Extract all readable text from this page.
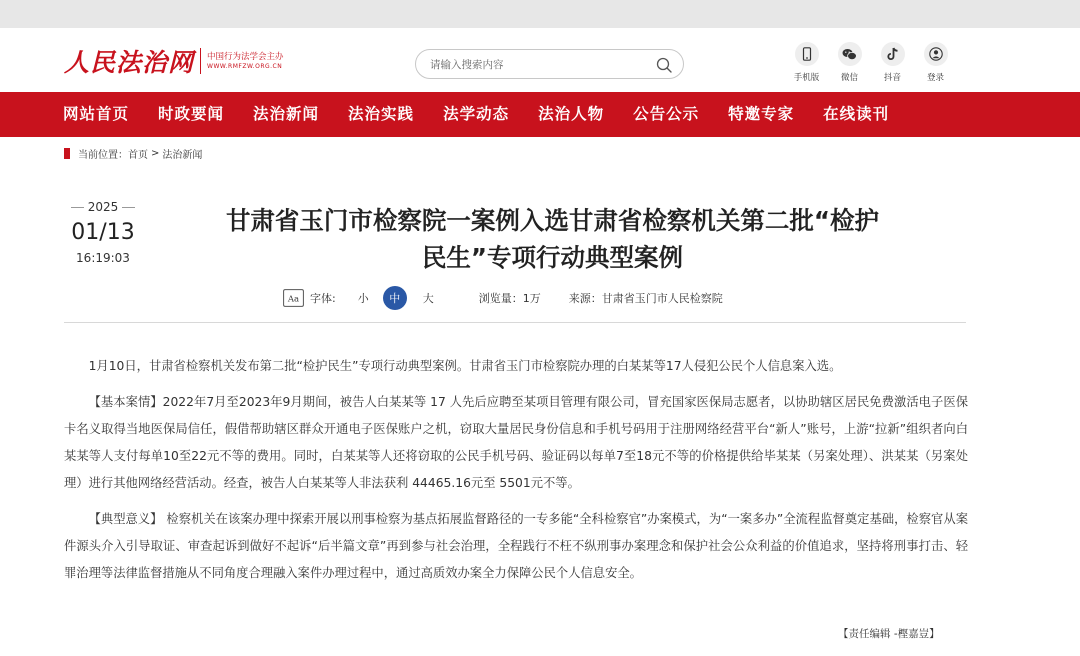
人民法治网 中国行为法学会主办
WWW.RMFZW.ORG.CN
请输入搜索内容
手机版	微信	抖音	登录
网站首页 时政要闻 法治新闻 法治实践 法学动态 法治人物 公告公示 特邀专家 在线读刊
当前位置： 首页 > 法治新闻
2025
01/13
16:19:03
甘肃省玉门市检察院一案例入选甘肃省检察机关第二批“检护
民生”专项行动典型案例
Aa 字体: 小	中	大	浏览量：1万	来源：甘肃省玉门市人民检察院

1月10日，甘肃省检察机关发布第二批“检护民生”专项行动典型案例。甘肃省玉门市检察院办理的白某某等17人侵犯公民个人信息案入选。

【基本案情】2022年7月至2023年9月期间，被告人白某某等 17 人先后应聘至某项目管理有限公司，冒充国家医保局志愿者，以协助辖区居民免费激活电子医保卡名义取得当地医保局信任，假借帮助辖区群众开通电子医保账户之机，窃取大量居民身份信息和手机号码用于注册网络经营平台“新人”账号，上游“拉新”组织者向白某某等人支付每单10至22元不等的费用。同时，白某某等人还将窃取的公民手机号码、验证码以每单7至18元不等的价格提供给毕某某（另案处理）、洪某某（另案处理）进行其他网络经营活动。经查，被告人白某某等人非法获利 44465.16元至 5501元不等。

【典型意义】 检察机关在该案办理中探索开展以刑事检察为基点拓展监督路径的一专多能“全科检察官”办案模式，为“一案多办”全流程监督奠定基础，检察官从案件源头介入引导取证、审查起诉到做好不起诉“后半篇文章”再到参与社会治理，全程践行不枉不纵刑事办案理念和保护社会公众利益的价值追求，坚持将刑事打击、轻罪治理等法律监督措施从不同角度合理融入案件办理过程中，通过高质效办案全力保障公民个人信息安全。

【责任编辑 -樫嘉豈】
